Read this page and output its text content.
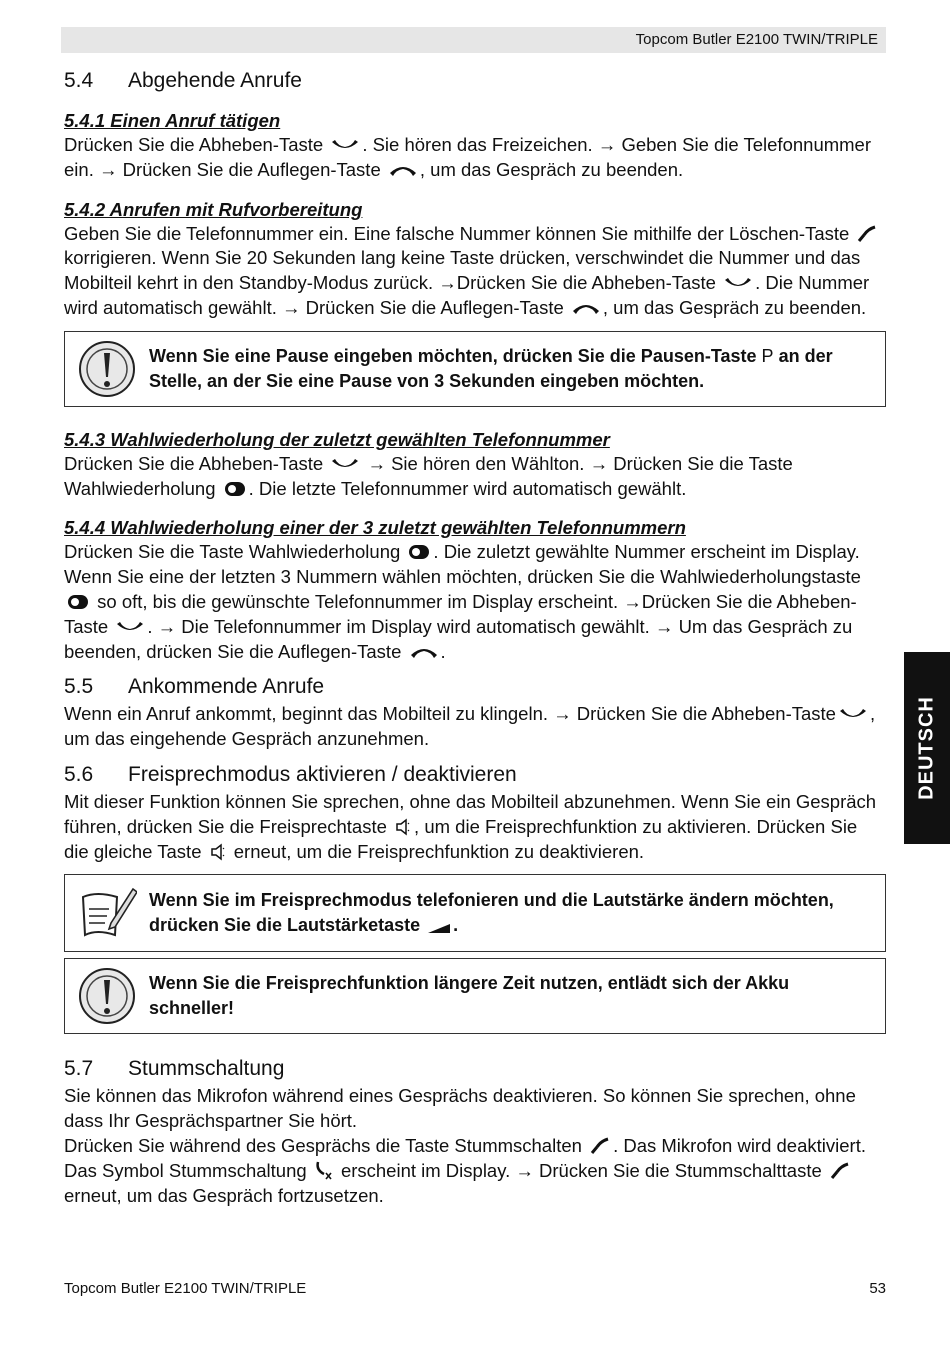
Topcom Butler E2100 TWIN/TRIPLE
DEUTSCH
5.4 Abgehende Anrufe
5.4.1 Einen Anruf tätigen

Drücken Sie die Abheben-Taste . Sie hören das Freizeichen. → Geben Sie die Telefonnummer ein. → Drücken Sie die Auflegen-Taste , um das Gespräch zu beenden.

5.4.2 Anrufen mit Rufvorbereitung

Geben Sie die Telefonnummer ein. Eine falsche Nummer können Sie mithilfe der Löschen-Taste  korrigieren. Wenn Sie 20 Sekunden lang keine Taste drücken, verschwindet die Nummer und das Mobilteil kehrt in den Standby-Modus zurück. →Drücken Sie die Abheben-Taste . Die Nummer wird automatisch gewählt. → Drücken Sie die Auflegen-Taste , um das Gespräch zu beenden.

Wenn Sie eine Pause eingeben möchten, drücken Sie die Pausen-Taste P an der Stelle, an der Sie eine Pause von 3 Sekunden eingeben möchten.
5.4.3 Wahlwiederholung der zuletzt gewählten Telefonnummer

Drücken Sie die Abheben-Taste → Sie hören den Wählton. → Drücken Sie die Taste Wahlwiederholung . Die letzte Telefonnummer wird automatisch gewählt.

5.4.4 Wahlwiederholung einer der 3 zuletzt gewählten Telefonnummern

Drücken Sie die Taste Wahlwiederholung . Die zuletzt gewählte Nummer erscheint im Display. Wenn Sie eine der letzten 3 Nummern wählen möchten, drücken Sie die Wahlwiederholungstaste  so oft, bis die gewünschte Telefonnummer im Display erscheint. →Drücken Sie die Abheben-Taste . → Die Telefonnummer im Display wird automatisch gewählt. → Um das Gespräch zu beenden, drücken Sie die Auflegen-Taste .

5.5 Ankommende Anrufe

Wenn ein Anruf ankommt, beginnt das Mobilteil zu klingeln. → Drücken Sie die Abheben-Taste , um das eingehende Gespräch anzunehmen.

5.6 Freisprechmodus aktivieren / deaktivieren

Mit dieser Funktion können Sie sprechen, ohne das Mobilteil abzunehmen. Wenn Sie ein Gespräch führen, drücken Sie die Freisprechtaste , um die Freisprechfunktion zu aktivieren. Drücken Sie die gleiche Taste erneut, um die Freisprechfunktion zu deaktivieren.

Wenn Sie im Freisprechmodus telefonieren und die Lautstärke ändern möchten, drücken Sie die Lautstärketaste .
Wenn Sie die Freisprechfunktion längere Zeit nutzen, entlädt sich der Akku schneller!
5.7 Stummschaltung

Sie können das Mikrofon während eines Gesprächs deaktivieren. So können Sie sprechen, ohne dass Ihr Gesprächspartner Sie hört.

Drücken Sie während des Gesprächs die Taste Stummschalten . Das Mikrofon wird deaktiviert. Das Symbol Stummschaltung erscheint im Display. → Drücken Sie die Stummschalttaste  erneut, um das Gespräch fortzusetzen.

Topcom Butler E2100 TWIN/TRIPLE	53
